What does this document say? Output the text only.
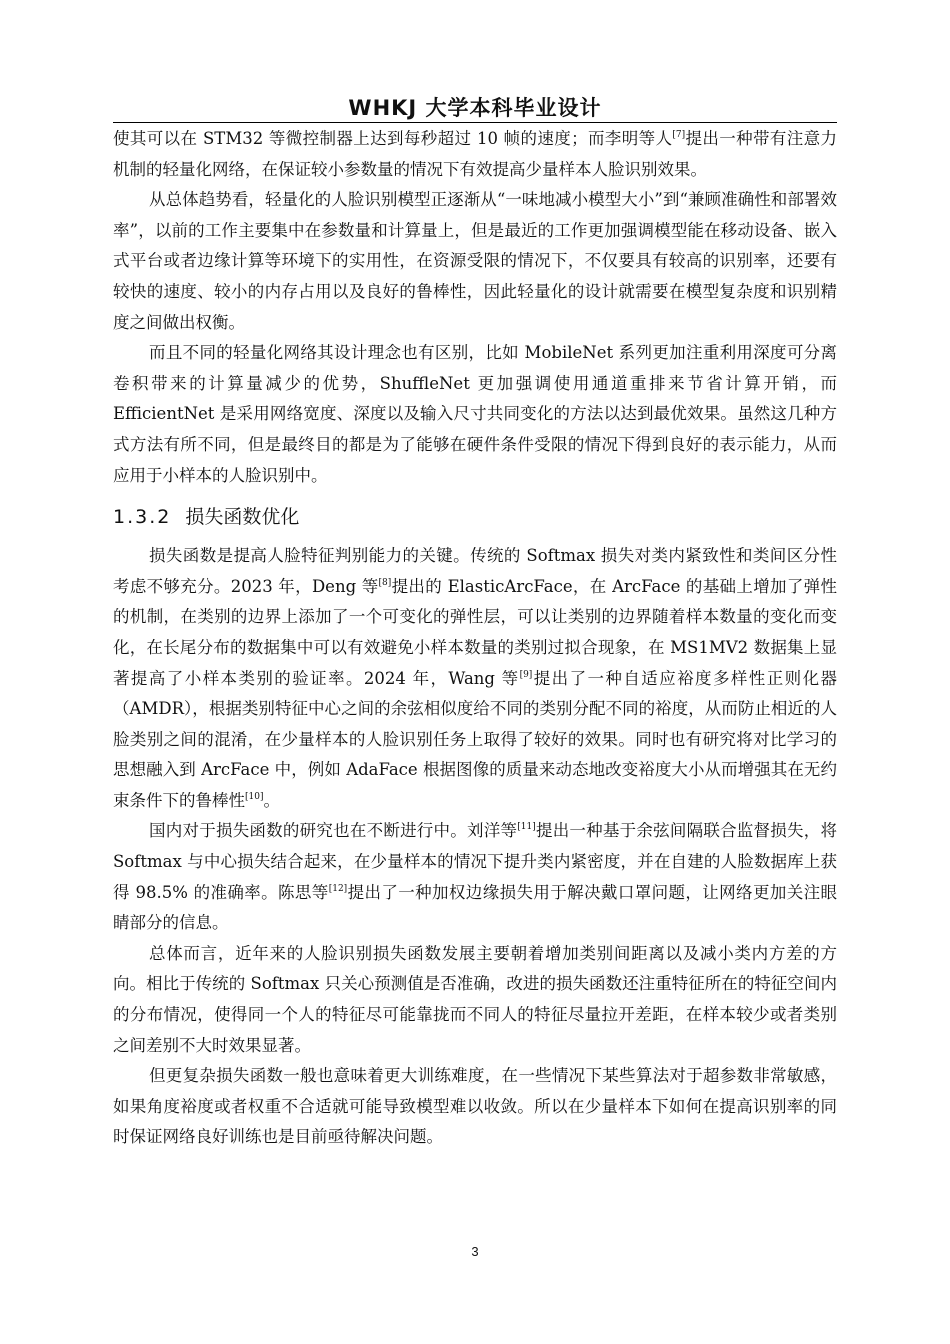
WHKJ 大学本科毕业设计

使其可以在 STM32 等微控制器上达到每秒超过 10 帧的速度；而李明等人[7]提出一种带有注意力机制的轻量化网络，在保证较小参数量的情况下有效提高少量样本人脸识别效果。

从总体趋势看，轻量化的人脸识别模型正逐渐从“一味地减小模型大小”到“兼顾准确性和部署效率”，以前的工作主要集中在参数量和计算量上，但是最近的工作更加强调模型能在移动设备、嵌入式平台或者边缘计算等环境下的实用性，在资源受限的情况下，不仅要具有较高的识别率，还要有较快的速度、较小的内存占用以及良好的鲁棒性，因此轻量化的设计就需要在模型复杂度和识别精度之间做出权衡。

而且不同的轻量化网络其设计理念也有区别，比如 MobileNet 系列更加注重利用深度可分离卷积带来的计算量减少的优势，ShuffleNet 更加强调使用通道重排来节省计算开销，而 EfficientNet 是采用网络宽度、深度以及输入尺寸共同变化的方法以达到最优效果。虽然这几种方式方法有所不同，但是最终目的都是为了能够在硬件条件受限的情况下得到良好的表示能力，从而应用于小样本的人脸识别中。

1.3.2 损失函数优化

损失函数是提高人脸特征判别能力的关键。传统的 Softmax 损失对类内紧致性和类间区分性考虑不够充分。2023 年，Deng 等[8]提出的 ElasticArcFace，在 ArcFace 的基础上增加了弹性的机制，在类别的边界上添加了一个可变化的弹性层，可以让类别的边界随着样本数量的变化而变化，在长尾分布的数据集中可以有效避免小样本数量的类别过拟合现象，在 MS1MV2 数据集上显著提高了小样本类别的验证率。2024 年，Wang 等[9]提出了一种自适应裕度多样性正则化器（AMDR），根据类别特征中心之间的余弦相似度给不同的类别分配不同的裕度，从而防止相近的人脸类别之间的混淆，在少量样本的人脸识别任务上取得了较好的效果。同时也有研究将对比学习的思想融入到 ArcFace 中，例如 AdaFace 根据图像的质量来动态地改变裕度大小从而增强其在无约束条件下的鲁棒性[10]。

国内对于损失函数的研究也在不断进行中。刘洋等[11]提出一种基于余弦间隔联合监督损失，将 Softmax 与中心损失结合起来，在少量样本的情况下提升类内紧密度，并在自建的人脸数据库上获得 98.5% 的准确率。陈思等[12]提出了一种加权边缘损失用于解决戴口罩问题，让网络更加关注眼睛部分的信息。

总体而言，近年来的人脸识别损失函数发展主要朝着增加类别间距离以及减小类内方差的方向。相比于传统的 Softmax 只关心预测值是否准确，改进的损失函数还注重特征所在的特征空间内的分布情况，使得同一个人的特征尽可能靠拢而不同人的特征尽量拉开差距，在样本较少或者类别之间差别不大时效果显著。

但更复杂损失函数一般也意味着更大训练难度，在一些情况下某些算法对于超参数非常敏感，如果角度裕度或者权重不合适就可能导致模型难以收敛。所以在少量样本下如何在提高识别率的同时保证网络良好训练也是目前亟待解决问题。

3
